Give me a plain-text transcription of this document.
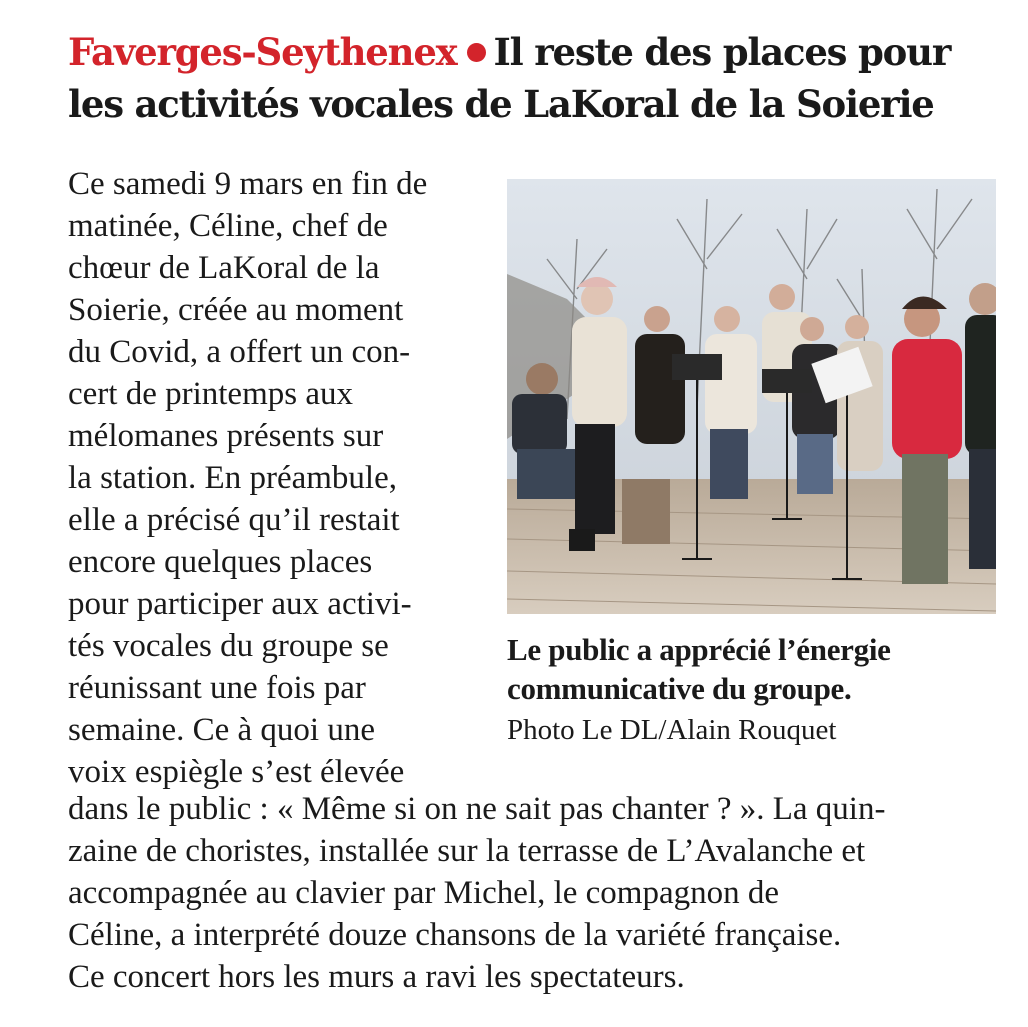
Faverges-Seythenex Il reste des places pour
les activités vocales de LaKoral de la Soierie

Ce samedi 9 mars en fin de

matinée, Céline, chef de

chœur de LaKoral de la

Soierie, créée au moment

du Covid, a offert un con-

cert de printemps aux

mélomanes présents sur

la station. En préambule,

elle a précisé qu’il restait

encore quelques places

pour participer aux activi-

tés vocales du groupe se

réunissant une fois par

semaine. Ce à quoi une

voix espiègle s’est élevée

dans le public : « Même si on ne sait pas chanter ? ». La quin-

zaine de choristes, installée sur la terrasse de L’Avalanche et

accompagnée au clavier par Michel, le compagnon de

Céline, a interprété douze chansons de la variété française.

Ce concert hors les murs a ravi les spectateurs.

Le public a apprécié l’énergie
communicative du groupe.

Photo Le DL/Alain Rouquet
